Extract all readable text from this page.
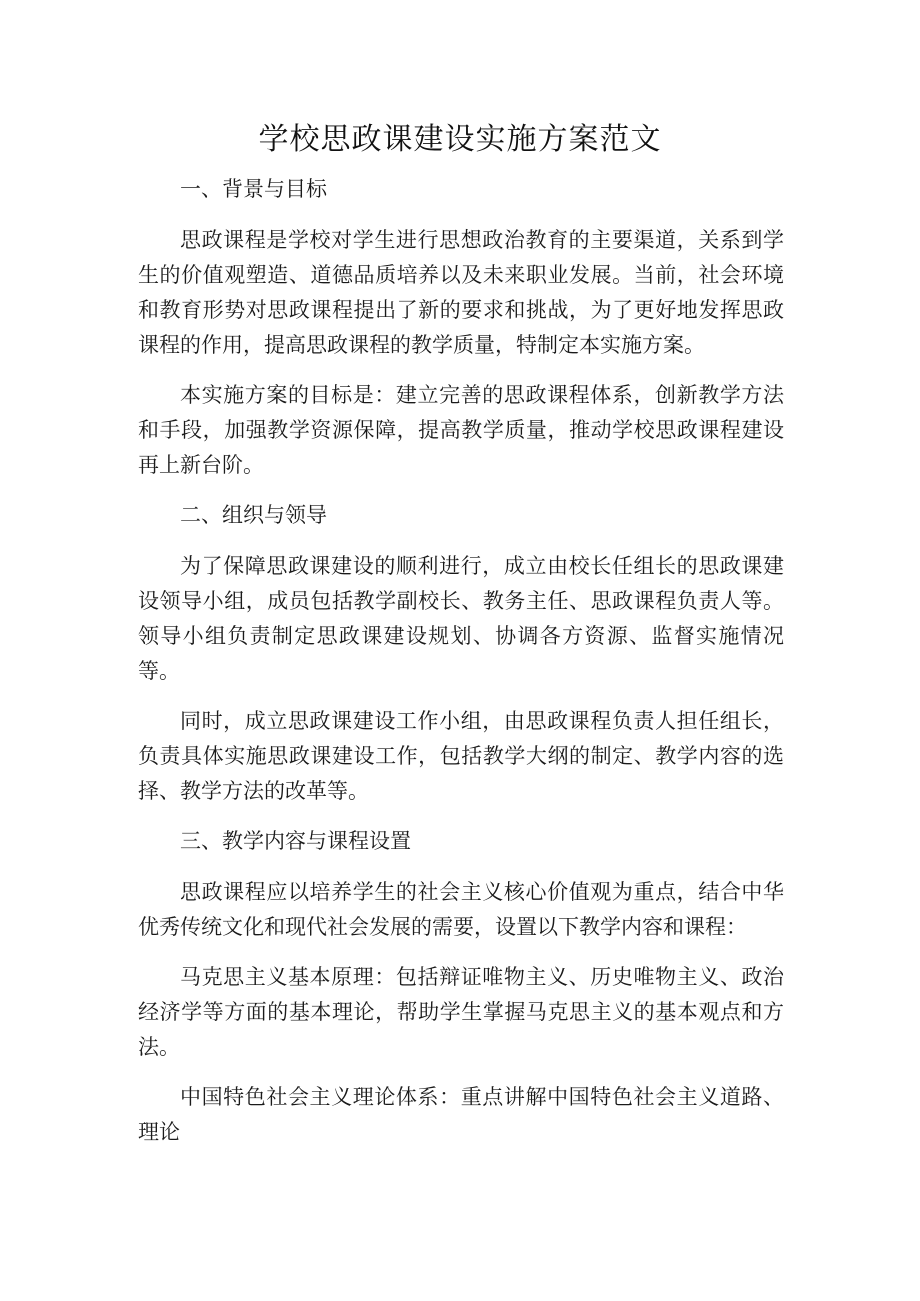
学校思政课建设实施方案范文
一、背景与目标

思政课程是学校对学生进行思想政治教育的主要渠道，关系到学生的价值观塑造、道德品质培养以及未来职业发展。当前，社会环境和教育形势对思政课程提出了新的要求和挑战，为了更好地发挥思政课程的作用，提高思政课程的教学质量，特制定本实施方案。

本实施方案的目标是：建立完善的思政课程体系，创新教学方法和手段，加强教学资源保障，提高教学质量，推动学校思政课程建设再上新台阶。

二、组织与领导

为了保障思政课建设的顺利进行，成立由校长任组长的思政课建设领导小组，成员包括教学副校长、教务主任、思政课程负责人等。领导小组负责制定思政课建设规划、协调各方资源、监督实施情况等。

同时，成立思政课建设工作小组，由思政课程负责人担任组长，负责具体实施思政课建设工作，包括教学大纲的制定、教学内容的选择、教学方法的改革等。

三、教学内容与课程设置

思政课程应以培养学生的社会主义核心价值观为重点，结合中华优秀传统文化和现代社会发展的需要，设置以下教学内容和课程：

马克思主义基本原理：包括辩证唯物主义、历史唯物主义、政治经济学等方面的基本理论，帮助学生掌握马克思主义的基本观点和方法。

中国特色社会主义理论体系：重点讲解中国特色社会主义道路、理论
